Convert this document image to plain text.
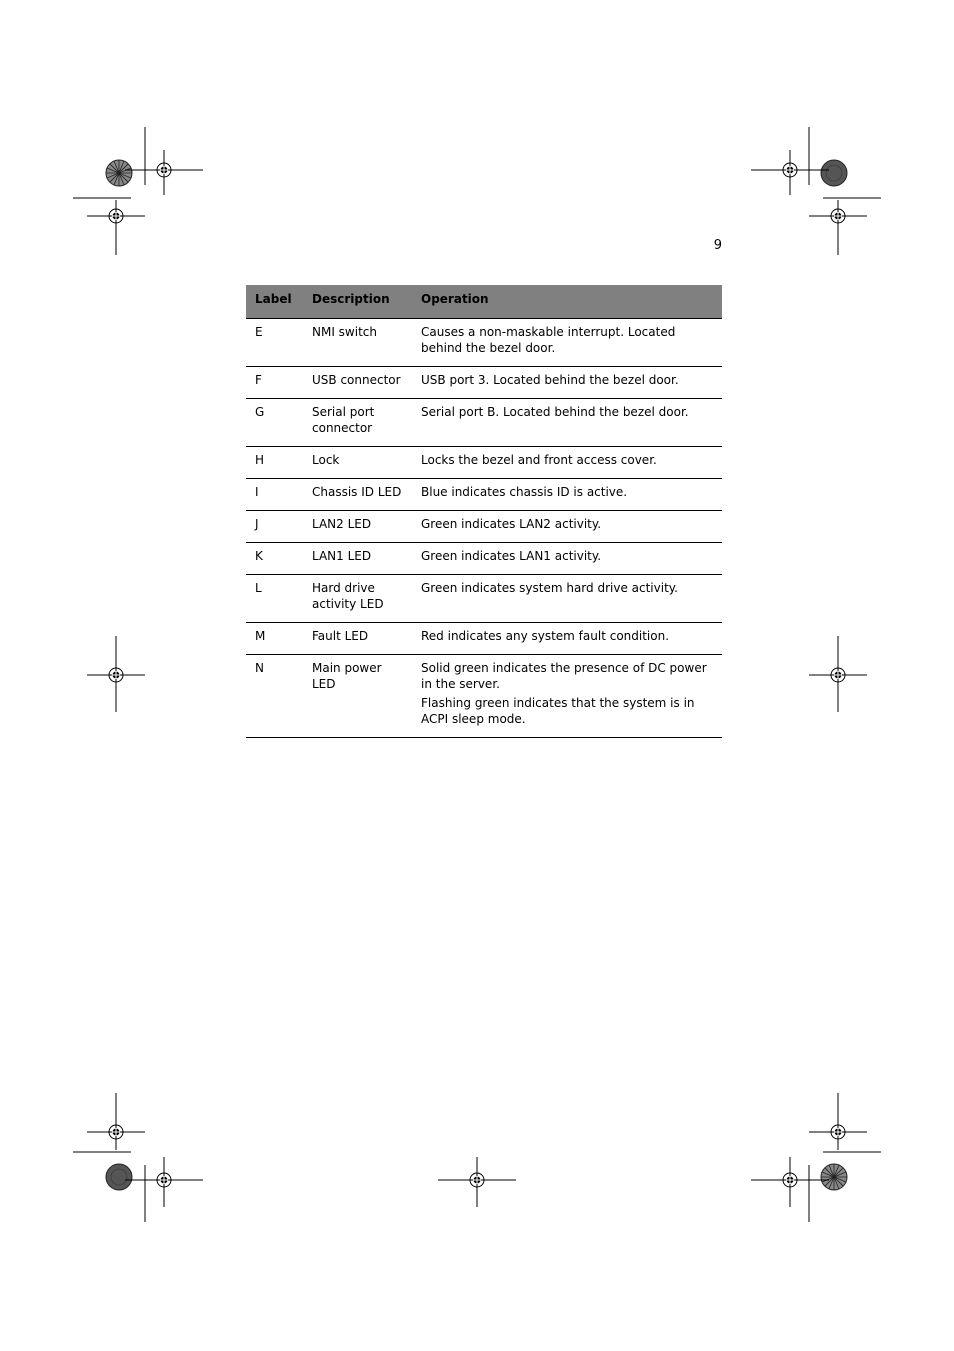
9
Label	Description	Operation
E	NMI switch	Causes a non-maskable interrupt. Located behind the bezel door.

F	USB connector	USB port 3. Located behind the bezel door.

G	Serial port connector	Serial port B. Located behind the bezel door.

H	Lock	Locks the bezel and front access cover.

I	Chassis ID LED	Blue indicates chassis ID is active.

J	LAN2 LED	Green indicates LAN2 activity.

K	LAN1 LED	Green indicates LAN1 activity.

L	Hard drive activity LED	Green indicates system hard drive activity.

M	Fault LED	Red indicates any system fault condition.

N	Main power LED	Solid green indicates the presence of DC power in the server.
Flashing green indicates that the system is in ACPI sleep mode.
